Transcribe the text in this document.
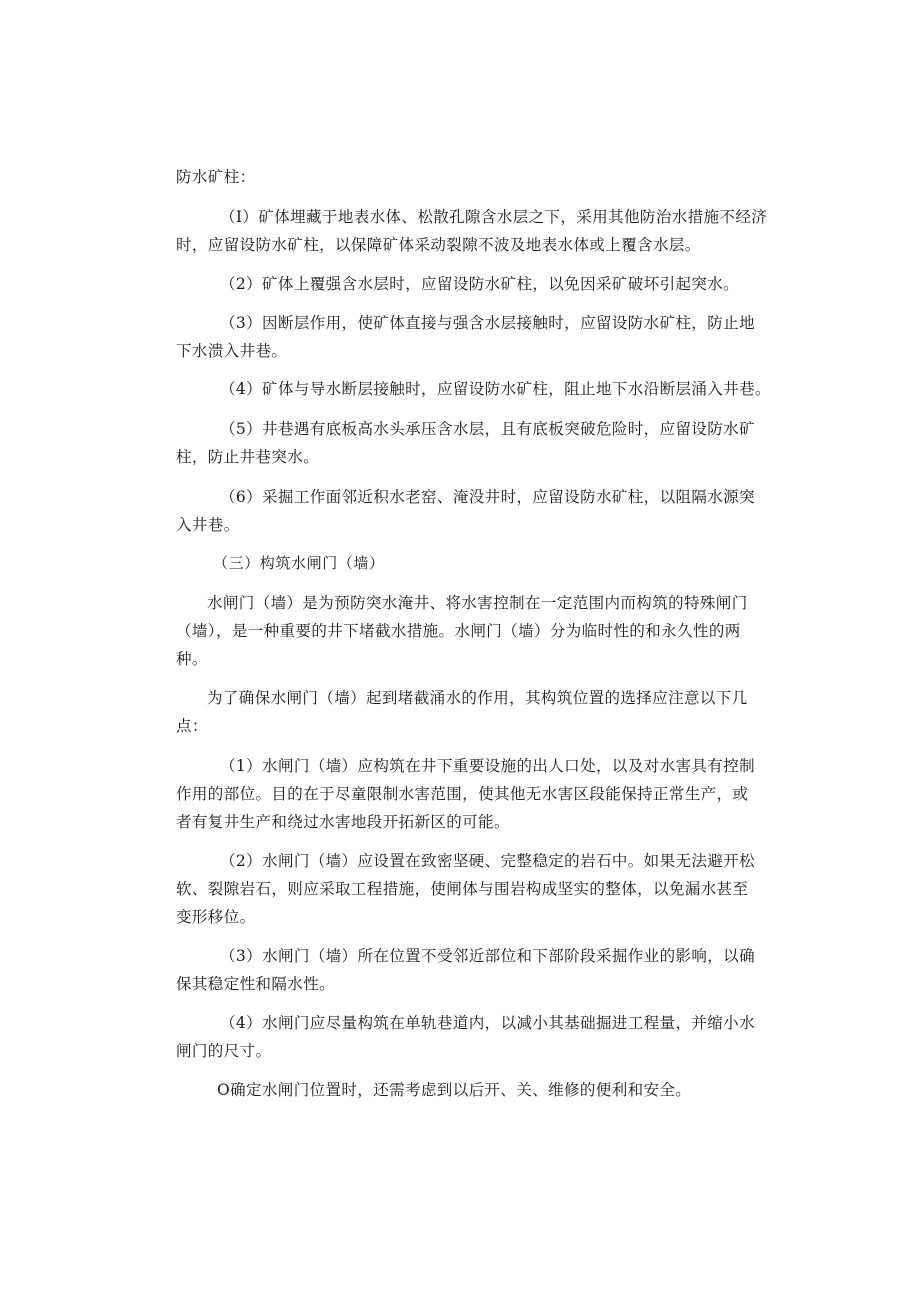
防水矿柱：
（I）矿体埋藏于地表水体、松散孔隙含水层之下，采用其他防治水措施不经济
时，应留设防水矿柱，以保障矿体采动裂隙不波及地表水体或上覆含水层。
（2）矿体上覆强含水层时，应留设防水矿柱，以免因采矿破坏引起突水。
（3）因断层作用，使矿体直接与强含水层接触时，应留设防水矿柱，防止地
下水溃入井巷。
（4）矿体与导水断层接触时，应留设防水矿柱，阻止地下水沿断层涌入井巷。
（5）井巷遇有底板高水头承压含水层，且有底板突破危险时，应留设防水矿
柱，防止井巷突水。
（6）采掘工作面邻近积水老窑、淹没井时，应留设防水矿柱，以阻隔水源突
入井巷。
（三）构筑水闸门（墙）
水闸门（墙）是为预防突水淹井、将水害控制在一定范围内而构筑的特殊闸门
（墙），是一种重要的井下堵截水措施。水闸门（墙）分为临时性的和永久性的两
种。
为了确保水闸门（墙）起到堵截涌水的作用，其构筑位置的选择应注意以下几
点：
（1）水闸门（墙）应构筑在井下重要设施的出人口处，以及对水害具有控制
作用的部位。目的在于尽童限制水害范围，使其他无水害区段能保持正常生产，或
者有复井生产和绕过水害地段开拓新区的可能。
（2）水闸门（墙）应设置在致密坚硬、完整稳定的岩石中。如果无法避开松
软、裂隙岩石，则应采取工程措施，使闸体与围岩构成坚实的整体，以免漏水甚至
变形移位。
（3）水闸门（墙）所在位置不受邻近部位和下部阶段采掘作业的影响，以确
保其稳定性和隔水性。
（4）水闸门应尽量构筑在单轨巷道内，以减小其基础掘进工程量，并缩小水
闸门的尺寸。
O确定水闸门位置时，还需考虑到以后开、关、维修的便利和安全。
